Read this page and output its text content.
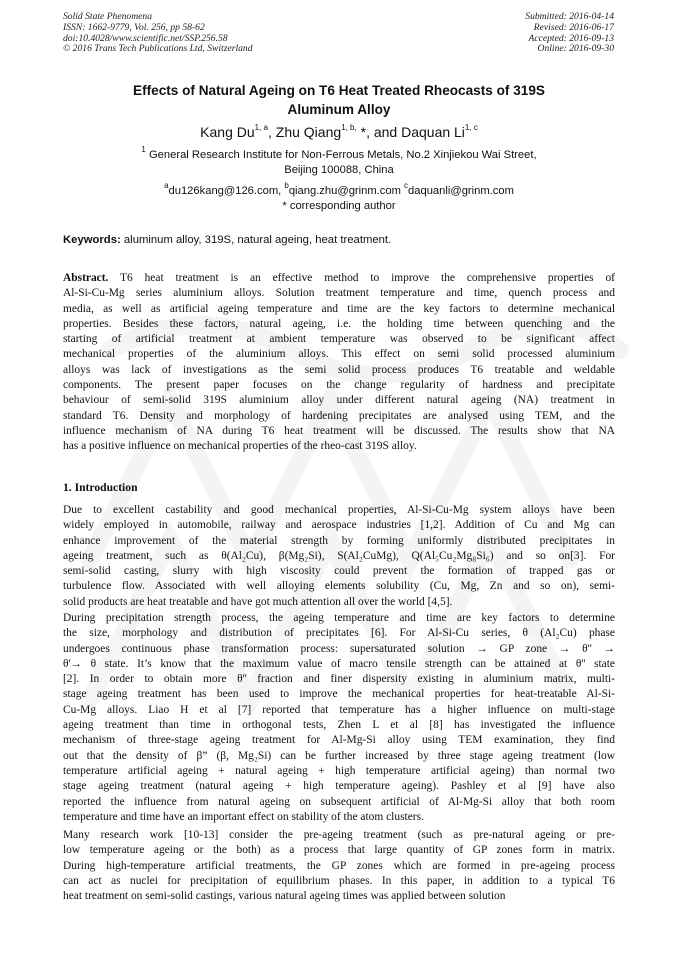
Solid State Phenomena
ISSN: 1662-9779, Vol. 256, pp 58-62
doi:10.4028/www.scientific.net/SSP.256.58
© 2016 Trans Tech Publications Ltd, Switzerland
Submitted: 2016-04-14
Revised: 2016-06-17
Accepted: 2016-09-13
Online: 2016-09-30
Effects of Natural Ageing on T6 Heat Treated Rheocasts of 319S
Aluminum Alloy
Kang Du$^{1, a}$, Zhu Qiang$^{1, b,}$ *, and Daquan Li$^{1, c}$
$^1$ General Research Institute for Non-Ferrous Metals, No.2 Xinjiekou Wai Street,
Beijing 100088, China
$^a$du126kang@126.com, $^b$qiang.zhu@grinm.com $^c$daquanli@grinm.com
* corresponding author
Keywords: aluminum alloy, 319S, natural ageing, heat treatment.
Abstract. T6 heat treatment is an effective method to improve the comprehensive properties of
Al-Si-Cu-Mg series aluminium alloys. Solution treatment temperature and time, quench process and
media, as well as artificial ageing temperature and time are the key factors to determine mechanical
properties. Besides these factors, natural ageing, i.e. the holding time between quenching and the
starting of artificial treatment at ambient temperature was observed to be significant affect
mechanical properties of the aluminium alloys. This effect on semi solid processed aluminium
alloys was lack of investigations as the semi solid process produces T6 treatable and weldable
components. The present paper focuses on the change regularity of hardness and precipitate
behaviour of semi-solid 319S aluminium alloy under different natural ageing (NA) treatment in
standard T6. Density and morphology of hardening precipitates are analysed using TEM, and the
influence mechanism of NA during T6 heat treatment will be discussed. The results show that NA
has a positive influence on mechanical properties of the rheo-cast 319S alloy.
1. Introduction
Due to excellent castability and good mechanical properties, Al-Si-Cu-Mg system alloys have been
widely employed in automobile, railway and aerospace industries [1,2]. Addition of Cu and Mg can
enhance improvement of the material strength by forming uniformly distributed precipitates in
ageing treatment, such as θ(Al₂Cu), β(Mg₂Si), S(Al₂CuMg), Q(Al₅Cu₂Mg₈Si₆) and so on[3]. For
semi-solid casting, slurry with high viscosity could prevent the formation of trapped gas or
turbulence flow. Associated with well alloying elements solubility (Cu, Mg, Zn and so on), semi-
solid products are heat treatable and have got much attention all over the world [4,5].
During precipitation strength process, the ageing temperature and time are key factors to determine
the size, morphology and distribution of precipitates [6]. For Al-Si-Cu series, θ (Al₂Cu) phase
undergoes continuous phase transformation process: supersaturated solution → GP zone → θ'' →
θ'→ θ state. It’s know that the maximum value of macro tensile strength can be attained at θ'' state
[2]. In order to obtain more θ'' fraction and finer dispersity existing in aluminium matrix, multi-
stage ageing treatment has been used to improve the mechanical properties for heat-treatable Al-Si-
Cu-Mg alloys. Liao H et al [7] reported that temperature has a higher influence on multi-stage
ageing treatment than time in orthogonal tests, Zhen L et al [8] has investigated the influence
mechanism of three-stage ageing treatment for Al-Mg-Si alloy using TEM examination, they find
out that the density of β” (β, Mg₂Si) can be further increased by three stage ageing treatment (low
temperature artificial ageing + natural ageing + high temperature artificial ageing) than normal two
stage ageing treatment (natural ageing + high temperature ageing). Pashley et al [9] have also
reported the influence from natural ageing on subsequent artificial of Al-Mg-Si alloy that both room
temperature and time have an important effect on stability of the atom clusters.
Many research work [10-13] consider the pre-ageing treatment (such as pre-natural ageing or pre-
low temperature ageing or the both) as a process that large quantity of GP zones form in matrix.
During high-temperature artificial treatments, the GP zones which are formed in pre-ageing process
can act as nuclei for precipitation of equilibrium phases. In this paper, in addition to a typical T6
heat treatment on semi-solid castings, various natural ageing times was applied between solution
